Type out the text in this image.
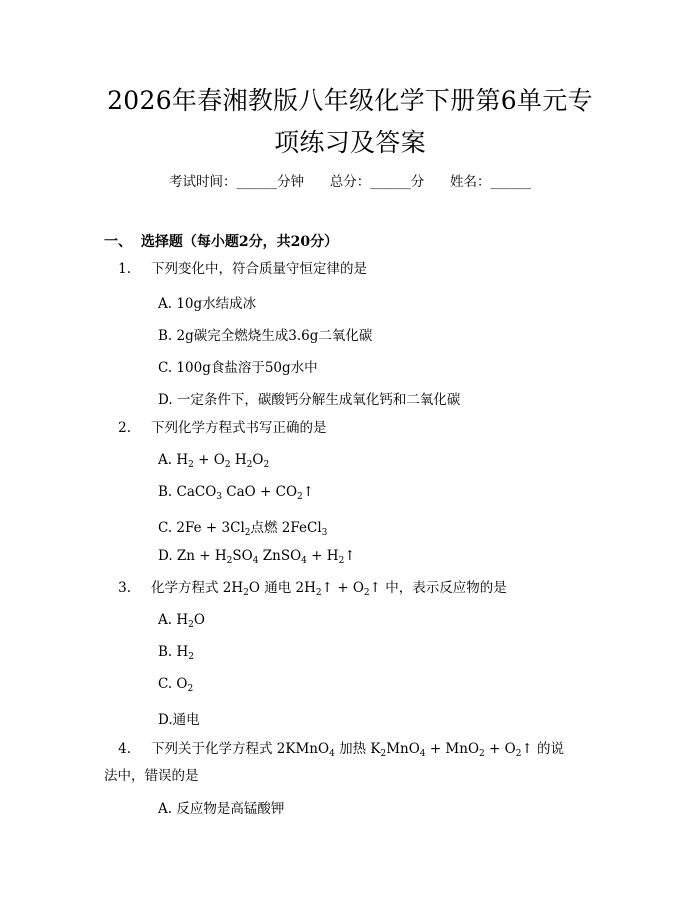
2026年春湘教版八年级化学下册第6单元专
项练习及答案
考试时间：______分钟      总分：______分      姓名：______
一、 选择题（每小题2分，共20分）
1. 下列变化中，符合质量守恒定律的是
A. 10g水结成冰
B. 2g碳完全燃烧生成3.6g二氧化碳
C. 100g食盐溶于50g水中
D. 一定条件下，碳酸钙分解生成氧化钙和二氧化碳
2. 下列化学方程式书写正确的是
A. $H_2 + O_2$ $H_2O_2$
B. CaCO$_3$ CaO + $CO_2↑$
C. $2Fe + 3Cl_2$点燃 2FeCl$_3$
D. $Zn + H_2SO_4$ ZnSO$_4$ + $H_2↑$
3. 化学方程式 $2H_2O$ 通电 $2H_2↑$ + $O_2↑$ 中，表示反应物的是
A. $H_2O$
B. $H_2$
C. $O_2$
D.通电
4. 下列关于化学方程式 2KMnO$_4$ 加热 $K_2MnO_4 + MnO_2$ + $O_2↑$ 的说法中，错误的是
A. 反应物是高锰酸钾
